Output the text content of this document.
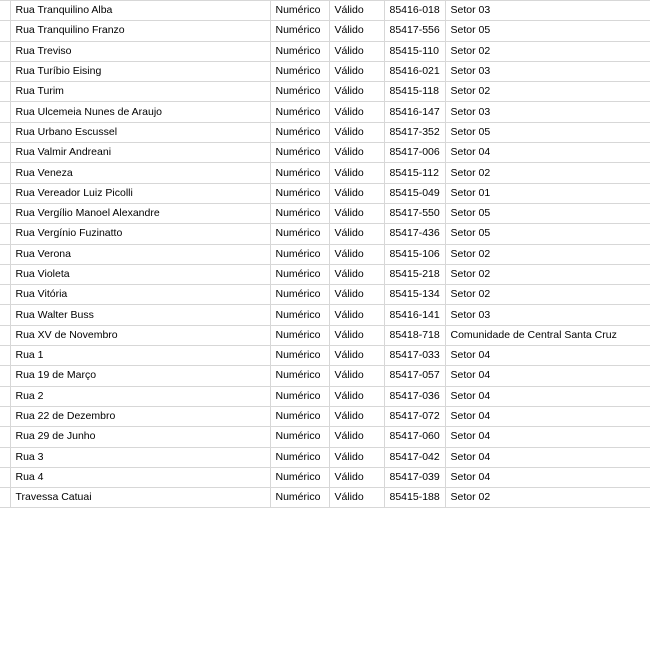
	Rua Tranquilino Alba	Numérico	Válido	85416-018	Setor 03
	Rua Tranquilino Franzo	Numérico	Válido	85417-556	Setor 05
	Rua Treviso	Numérico	Válido	85415-110	Setor 02
	Rua Turíbio Eising	Numérico	Válido	85416-021	Setor 03
	Rua Turim	Numérico	Válido	85415-118	Setor 02
	Rua Ulcemeia Nunes de Araujo	Numérico	Válido	85416-147	Setor 03
	Rua Urbano Escussel	Numérico	Válido	85417-352	Setor 05
	Rua Valmir Andreani	Numérico	Válido	85417-006	Setor 04
	Rua Veneza	Numérico	Válido	85415-112	Setor 02
	Rua Vereador Luiz Picolli	Numérico	Válido	85415-049	Setor 01
	Rua Vergílio Manoel Alexandre	Numérico	Válido	85417-550	Setor 05
	Rua Vergínio Fuzinatto	Numérico	Válido	85417-436	Setor 05
	Rua Verona	Numérico	Válido	85415-106	Setor 02
	Rua Violeta	Numérico	Válido	85415-218	Setor 02
	Rua Vitória	Numérico	Válido	85415-134	Setor 02
	Rua Walter Buss	Numérico	Válido	85416-141	Setor 03
	Rua XV de Novembro	Numérico	Válido	85418-718	Comunidade de Central Santa Cruz
	Rua 1	Numérico	Válido	85417-033	Setor 04
	Rua 19 de Março	Numérico	Válido	85417-057	Setor 04
	Rua 2	Numérico	Válido	85417-036	Setor 04
	Rua 22 de Dezembro	Numérico	Válido	85417-072	Setor 04
	Rua 29 de Junho	Numérico	Válido	85417-060	Setor 04
	Rua 3	Numérico	Válido	85417-042	Setor 04
	Rua 4	Numérico	Válido	85417-039	Setor 04
	Travessa Catuai	Numérico	Válido	85415-188	Setor 02
